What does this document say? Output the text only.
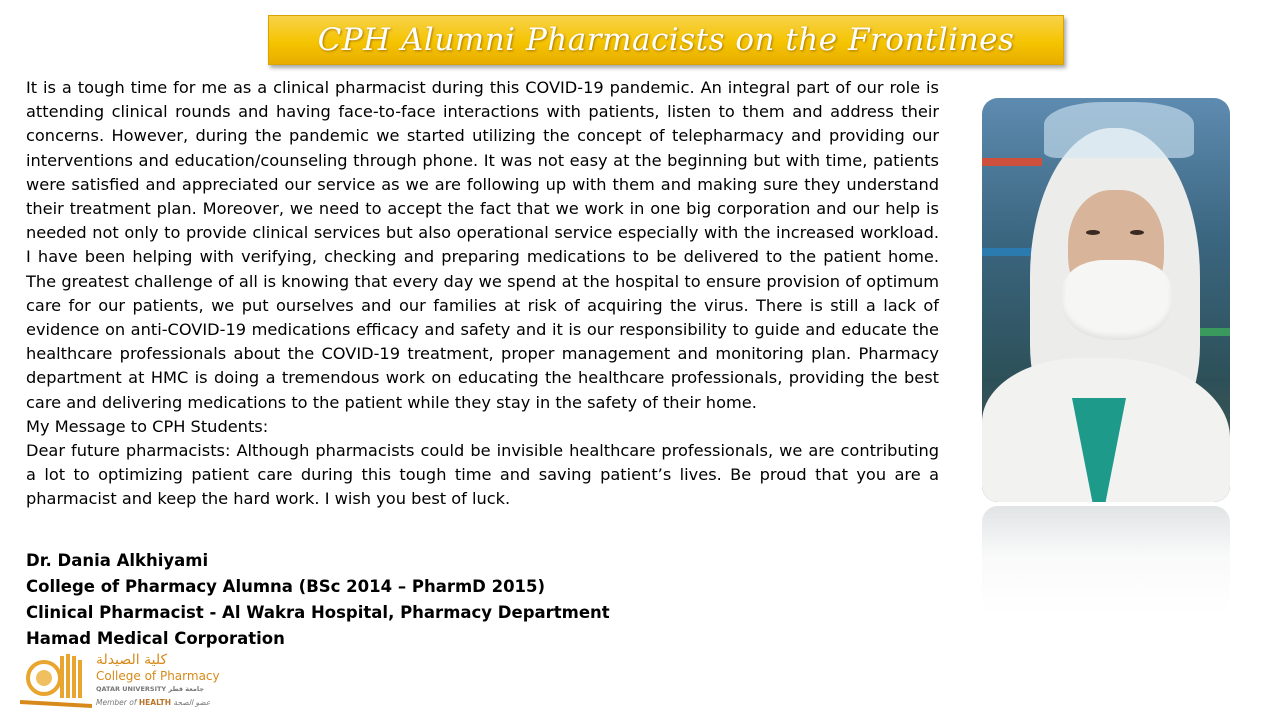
CPH Alumni Pharmacists on the Frontlines

It is a tough time for me as a clinical pharmacist during this COVID-19 pandemic. An integral part of our role is attending clinical rounds and having face-to-face interactions with patients, listen to them and address their concerns. However, during the pandemic we started utilizing the concept of telepharmacy and providing our interventions and education/counseling through phone. It was not easy at the beginning but with time, patients were satisfied and appreciated our service as we are following up with them and making sure they understand their treatment plan. Moreover, we need to accept the fact that we work in one big corporation and our help is needed not only to provide clinical services but also operational service especially with the increased workload. I have been helping with verifying, checking and preparing medications to be delivered to the patient home. The greatest challenge of all is knowing that every day we spend at the hospital to ensure provision of optimum care for our patients, we put ourselves and our families at risk of acquiring the virus. There is still a lack of evidence on anti-COVID-19 medications efficacy and safety and it is our responsibility to guide and educate the healthcare professionals about the COVID-19 treatment, proper management and monitoring plan. Pharmacy department at HMC is doing a tremendous work on educating the healthcare professionals, providing the best care and delivering medications to the patient while they stay in the safety of their home.

My Message to CPH Students:

Dear future pharmacists: Although pharmacists could be invisible healthcare professionals, we are contributing a lot to optimizing patient care during this tough time and saving patient’s lives. Be proud that you are a pharmacist and keep the hard work. I wish you best of luck.

Dr. Dania Alkhiyami
College of Pharmacy Alumna (BSc 2014 – PharmD 2015)
Clinical Pharmacist - Al Wakra Hospital, Pharmacy Department
Hamad Medical Corporation
كلية الصيدلة
College of Pharmacy
QATAR UNIVERSITY جامعة قطر
Member of HEALTH عضو الصحة
